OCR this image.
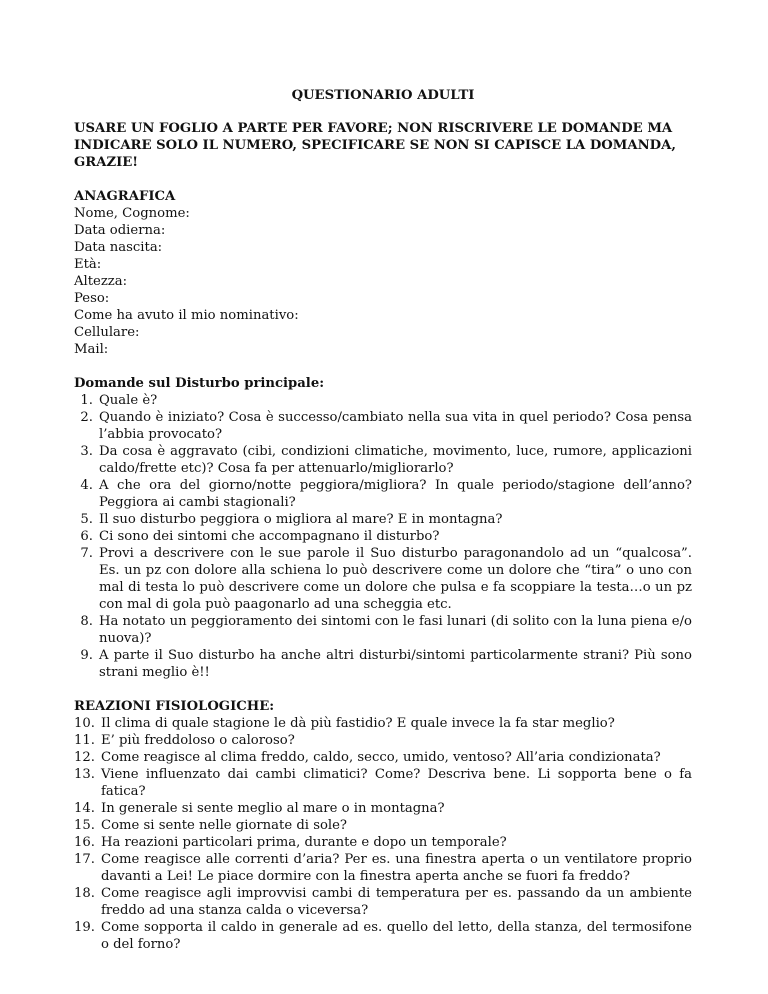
QUESTIONARIO ADULTI

USARE UN FOGLIO A PARTE PER FAVORE; NON RISCRIVERE LE DOMANDE MA INDICARE SOLO IL NUMERO, SPECIFICARE SE NON SI CAPISCE LA DOMANDA, GRAZIE!

ANAGRAFICA

Nome, Cognome:

Data odierna:

Data nascita:

Età:

Altezza:

Peso:

Come ha avuto il mio nominativo:

Cellulare:

Mail:

Domande sul Disturbo principale:

1. Quale è?
2. Quando è iniziato? Cosa è successo/cambiato nella sua vita in quel periodo? Cosa pensa l’abbia provocato?
3. Da cosa è aggravato (cibi, condizioni climatiche, movimento, luce, rumore, applicazioni caldo/frette etc)? Cosa fa per attenuarlo/migliorarlo?
4. A che ora del giorno/notte peggiora/migliora? In quale periodo/stagione dell’anno? Peggiora ai cambi stagionali?
5. Il suo disturbo peggiora o migliora al mare? E in montagna?
6. Ci sono dei sintomi che accompagnano il disturbo?
7. Provi a descrivere con le sue parole il Suo disturbo paragonandolo ad un “qualcosa”. Es. un pz con dolore alla schiena lo può descrivere come un dolore che “tira” o uno con mal di testa lo può descrivere come un dolore che pulsa e fa scoppiare la testa…o un pz con mal di gola può paagonarlo ad una scheggia etc.
8. Ha notato un peggioramento dei sintomi con le fasi lunari (di solito con la luna piena e/o nuova)?
9. A parte il Suo disturbo ha anche altri disturbi/sintomi particolarmente strani? Più sono strani meglio è!!

REAZIONI FISIOLOGICHE:

10. Il clima di quale stagione le dà più fastidio? E quale invece la fa star meglio?
11. E’ più freddoloso o caloroso?
12. Come reagisce al clima freddo, caldo, secco, umido, ventoso? All’aria condizionata?
13. Viene influenzato dai cambi climatici? Come? Descriva bene. Li sopporta bene o fa fatica?
14. In generale si sente meglio al mare o in montagna?
15. Come si sente nelle giornate di sole?
16. Ha reazioni particolari prima, durante e dopo un temporale?
17. Come reagisce alle correnti d’aria? Per es. una finestra aperta o un ventilatore proprio davanti a Lei! Le piace dormire con la finestra aperta anche se fuori fa freddo?
18. Come reagisce agli improvvisi cambi di temperatura per es. passando da un ambiente freddo ad una stanza calda o viceversa?
19. Come sopporta il caldo in generale ad es. quello del letto, della stanza, del termosifone o del forno?
